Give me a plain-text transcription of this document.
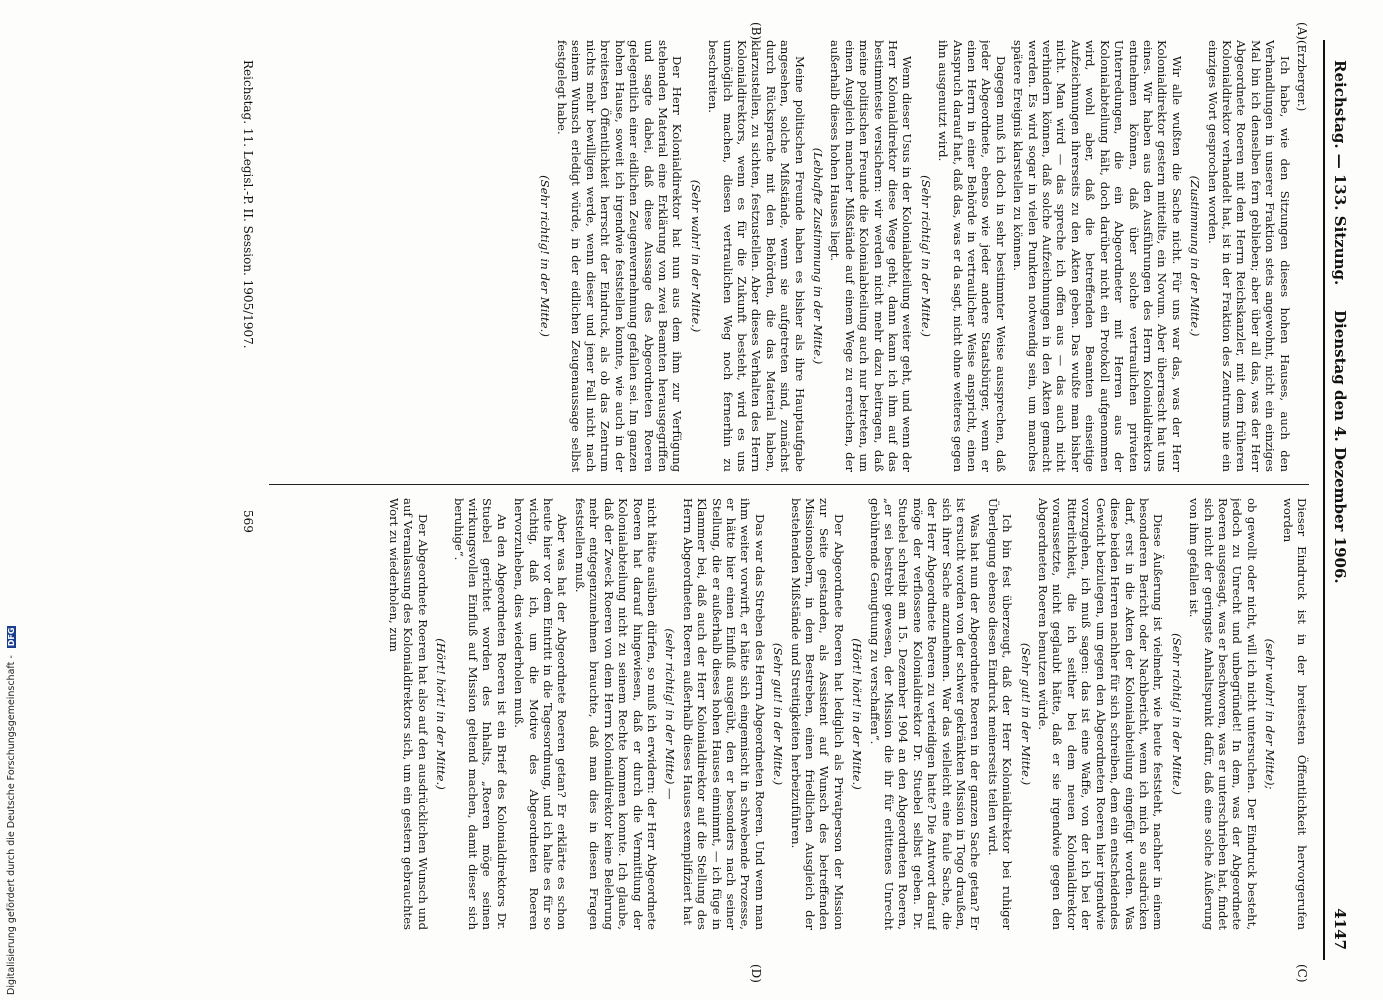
Digitalisierung gefördert durch die Deutsche Forschungsgemeinschaft - DFG
Reichstag. — 133. Sitzung.
Dienstag den 4. Dezember 1906.
4147
(A)
(B)
(C)
(D)

(Erzberger.)

Ich habe, wie den Sitzungen dieses hohen Hauses, auch den Verhandlungen in unserer Fraktion stets angewohnt, nicht ein einziges Mal bin ich denselben fern geblieben; aber über all das, was der Herr Abgeordnete Roeren mit dem Herrn Reichskanzler, mit dem früheren Kolonialdirektor verhandelt hat, ist in der Fraktion des Zentrums nie ein einziges Wort gesprochen worden.

(Zustimmung in der Mitte.)

Wir alle wußten die Sache nicht. Für uns war das, was der Herr Kolonialdirektor gestern mitteilte, ein Novum. Aber überrascht hat uns eines. Wir haben aus den Ausführungen des Herrn Kolonialdirektors entnehmen können, daß über solche vertraulichen privaten Unterredungen, die ein Abgeordneter mit Herren aus der Kolonialabteilung hält, doch darüber nicht ein Protokoll aufgenommen wird, wohl aber, daß die betreffenden Beamten einseitige Aufzeichnungen ihrerseits zu den Akten geben. Das wußte man bisher nicht. Man wird — das spreche ich offen aus — das auch nicht verhindern können, daß solche Aufzeichnungen in den Akten gemacht werden. Es wird sogar in vielen Punkten notwendig sein, um manches spätere Ereignis klarstellen zu können.

Dagegen muß ich doch in sehr bestimmter Weise aussprechen, daß jeder Abgeordnete, ebenso wie jeder andere Staatsbürger, wenn er einen Herrn in einer Behörde in vertraulicher Weise anspricht, einen Anspruch darauf hat, daß das, was er da sagt, nicht ohne weiteres gegen ihn ausgenutzt wird.

(Sehr richtig! in der Mitte.)

Wenn dieser Usus in der Kolonialabteilung weiter geht, und wenn der Herr Kolonialdirektor diese Wege geht, dann kann ich ihm auf das bestimmteste versichern: wir werden nicht mehr dazu beitragen, daß meine politischen Freunde die Kolonialabteilung auch nur betreten, um einen Ausgleich mancher Mißstände auf einem Wege zu erreichen, der außerhalb dieses hohen Hauses liegt.

(Lebhafte Zustimmung in der Mitte.)

Meine politischen Freunde haben es bisher als ihre Hauptaufgabe angesehen, solche Mißstände, wenn sie aufgetreten sind, zunächst durch Rücksprache mit den Behörden, die das Material haben, klarzustellen, zu sichten, festzustellen. Aber dieses Verhalten des Herrn Kolonialdirektors, wenn es für die Zukunft besteht, wird es uns unmöglich machen, diesen vertraulichen Weg noch fernerhin zu beschreiten.

(Sehr wahr! in der Mitte.)

Der Herr Kolonialdirektor hat nun aus dem ihm zur Verfügung stehenden Material eine Erklärung von zwei Beamten herausgegriffen und sagte dabei, daß diese Aussage des Abgeordneten Roeren gelegentlich einer eidlichen Zeugenvernehmung gefallen sei. Im ganzen hohen Hause, soweit ich irgendwie feststellen konnte, wie auch in der breitesten Öffentlichkeit herrscht der Eindruck, als ob das Zentrum nichts mehr bewilligen werde, wenn dieser und jener Fall nicht nach seinem Wunsch erledigt würde, in der eidlichen Zeugenaussage selbst festgelegt habe.

(Sehr richtig! in der Mitte.)

Dieser Eindruck ist in der breitesten Öffentlichkeit hervorgerufen worden

(sehr wahr! in der Mitte);

ob gewollt oder nicht, will ich nicht untersuchen. Der Eindruck besteht, jedoch zu Unrecht und unbegründet! In dem, was der Abgeordnete Roeren ausgesagt, was er beschworen, was er unterschrieben hat, findet sich nicht der geringste Anhaltspunkt dafür, daß eine solche Äußerung von ihm gefallen ist.

(Sehr richtig! in der Mitte.)

Diese Äußerung ist vielmehr, wie heute feststeht, nachher in einem besonderen Bericht oder Nachbericht, wenn ich mich so ausdrücken darf, erst in die Akten der Kolonialabteilung eingefügt worden. Was diese beiden Herren nachher für sich schreiben, dem ein entscheidendes Gewicht beizulegen, um gegen den Abgeordneten Roeren hier irgendwie vorzugehen, ich muß sagen: das ist eine Waffe, von der ich bei der Ritterlichkeit, die ich seither bei dem neuen Kolonialdirektor voraussetzte, nicht geglaubt hätte, daß er sie irgendwie gegen den Abgeordneten Roeren benutzen würde.

(Sehr gut! in der Mitte.)

Ich bin fest überzeugt, daß der Herr Kolonialdirektor bei ruhiger Überlegung ebenso diesen Eindruck meinerseits teilen wird.

Was hat nun der Abgeordnete Roeren in der ganzen Sache getan? Er ist ersucht worden von der schwer gekränkten Mission in Togo draußen, sich ihrer Sache anzunehmen. War das vielleicht eine faule Sache, die der Herr Abgeordnete Roeren zu verteidigen hatte? Die Antwort darauf möge der verflossene Kolonialdirektor Dr. Stuebel selbst geben. Dr. Stuebel schreibt am 15. Dezember 1904 an den Abgeordneten Roeren, „er sei bestrebt gewesen, der Mission die ihr für erlittenes Unrecht gebührende Genugtuung zu verschaffen“.

(Hört! hört! in der Mitte.)

Der Abgeordnete Roeren hat lediglich als Privatperson der Mission zur Seite gestanden, als Assistent auf Wunsch des betreffenden Missionsobern, in dem Bestreben, einen friedlichen Ausgleich der bestehenden Mißstände und Streitigkeiten herbeizuführen.

(Sehr gut! in der Mitte.)

Das war das Streben des Herrn Abgeordneten Roeren. Und wenn man ihm weiter vorwirft, er hätte sich eingemischt in schwebende Prozesse, er hätte hier einen Einfluß ausgeübt, den er besonders nach seiner Stellung, die er außerhalb dieses hohen Hauses einnimmt, — ich füge in Klammer bei, daß auch der Herr Kolonialdirektor auf die Stellung des Herrn Abgeordneten Roeren außerhalb dieses Hauses exemplifiziert hat

(sehr richtig! in der Mitte) —

nicht hätte ausüben dürfen, so muß ich erwidern: der Herr Abgeordnete Roeren hat darauf hingewiesen, daß er durch die Vermittlung der Kolonialabteilung nicht zu seinem Rechte kommen konnte. Ich glaube, daß der Zweck Roeren von dem Herrn Kolonialdirektor keine Belehrung mehr entgegenzunehmen brauchte, daß man dies in diesen Fragen feststellen muß.

Aber was hat der Abgeordnete Roeren getan? Er erklärte es schon heute hier vor dem Eintritt in die Tagesordnung, und ich halte es für so wichtig, daß ich, um die Motive des Abgeordneten Roeren hervorzuheben, dies wiederholen muß.

An den Abgeordneten Roeren ist ein Brief des Kolonialdirektors Dr. Stuebel gerichtet worden des Inhalts, „Roeren möge seinen wirkungsvollen Einfluß auf Mission geltend machen, damit dieser sich beruhige“.

(Hört! hört! in der Mitte.)

Der Abgeordnete Roeren hat also auf den ausdrücklichen Wunsch und auf Veranlassung des Kolonialdirektors sich, um ein gestern gebrauchtes Wort zu wiederholen, zum

Reichstag. 11. Legisl.-P. II. Session. 1905/1907.
569
